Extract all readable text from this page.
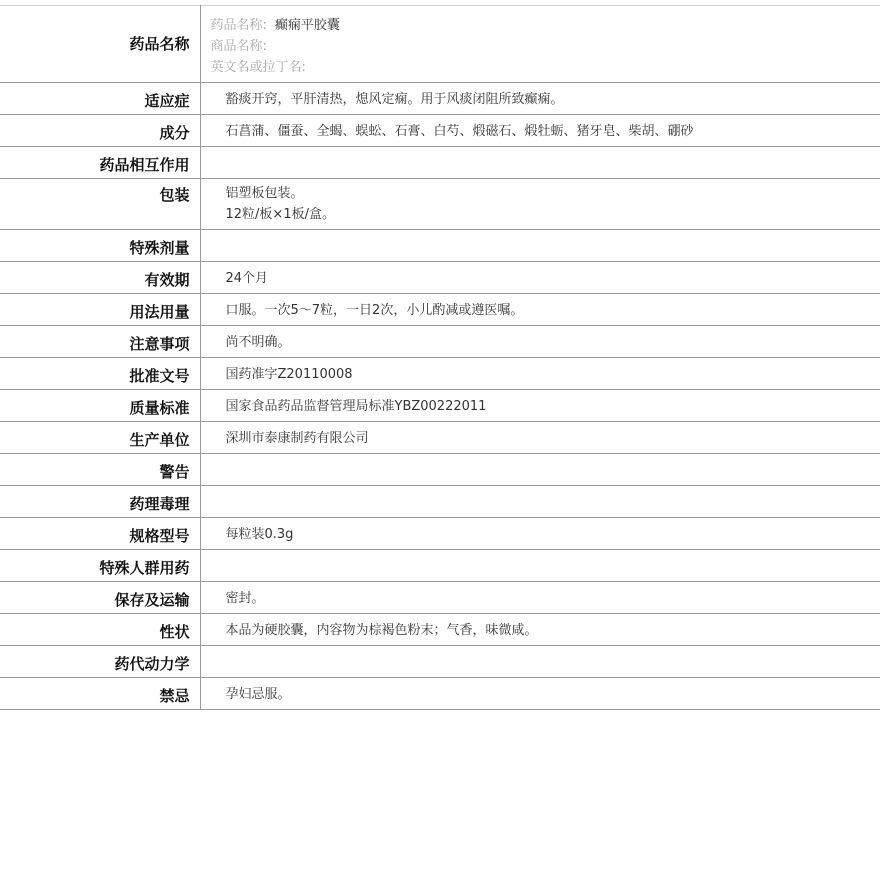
药品名称	药品名称: 癫痫平胶囊
商品名称:
英文名或拉丁名:

适应症	豁痰开窍，平肝清热，熄风定痫。用于风痰闭阻所致癫痫。

成分	石菖蒲、僵蚕、全蝎、蜈蚣、石膏、白芍、煅磁石、煅牡蛎、猪牙皂、柴胡、硼砂

药品相互作用	

包装	铝塑板包装。
12粒/板×1板/盒。

特殊剂量	

有效期	24个月

用法用量	口服。一次5～7粒，一日2次，小儿酌减或遵医嘱。

注意事项	尚不明确。

批准文号	国药准字Z20110008

质量标准	国家食品药品监督管理局标准YBZ00222011

生产单位	深圳市泰康制药有限公司

警告	

药理毒理	

规格型号	每粒装0.3g

特殊人群用药	

保存及运输	密封。

性状	本品为硬胶囊，内容物为棕褐色粉末；气香，味微咸。

药代动力学	

禁忌	孕妇忌服。
